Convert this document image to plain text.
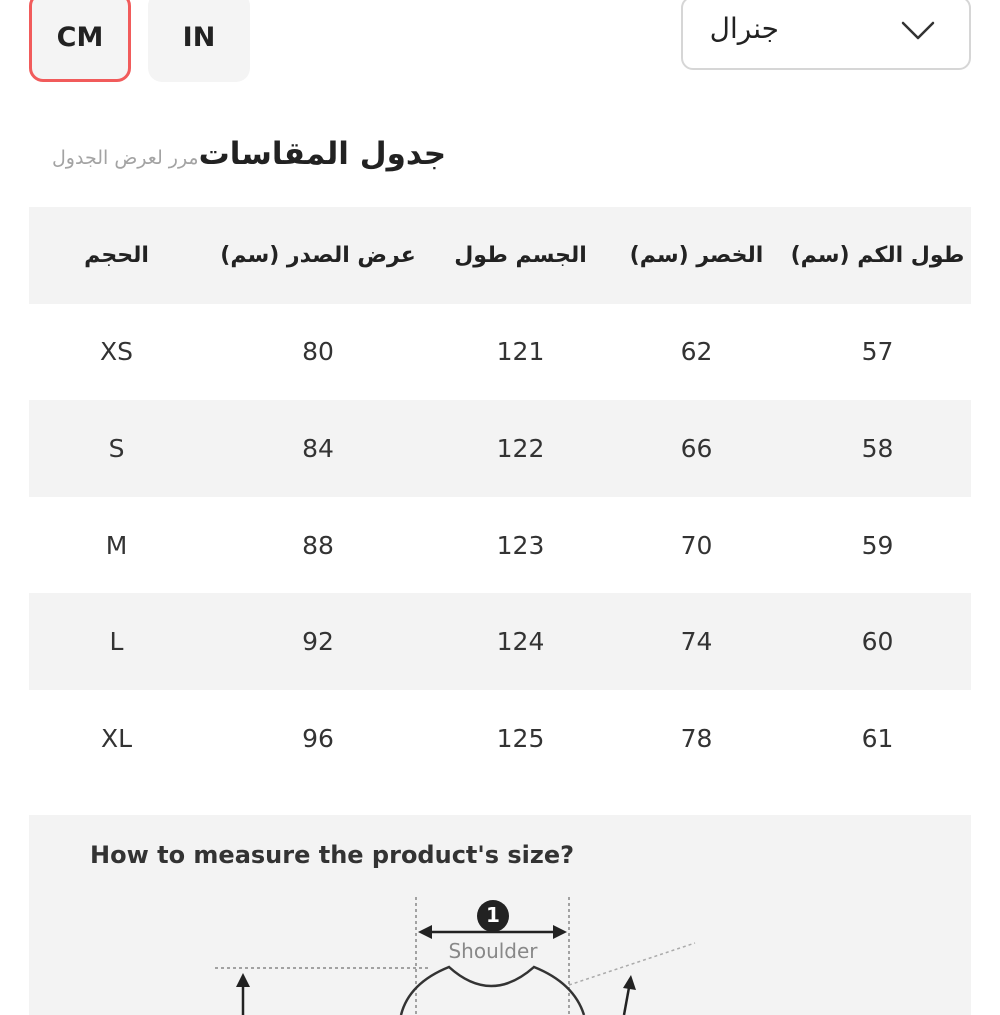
CM	IN	جنرال
مرر لعرض الجدول جدول المقاسات
الحجم	(عرض الصدر (سم	الجسم طول	(الخصر (سم	(طول الكم (سم
XS	80	121	62	57
S	84	122	66	58
M	88	123	70	59
L	92	124	74	60
XL	96	125	78	61
How to measure the product's size?
1
Shoulder
